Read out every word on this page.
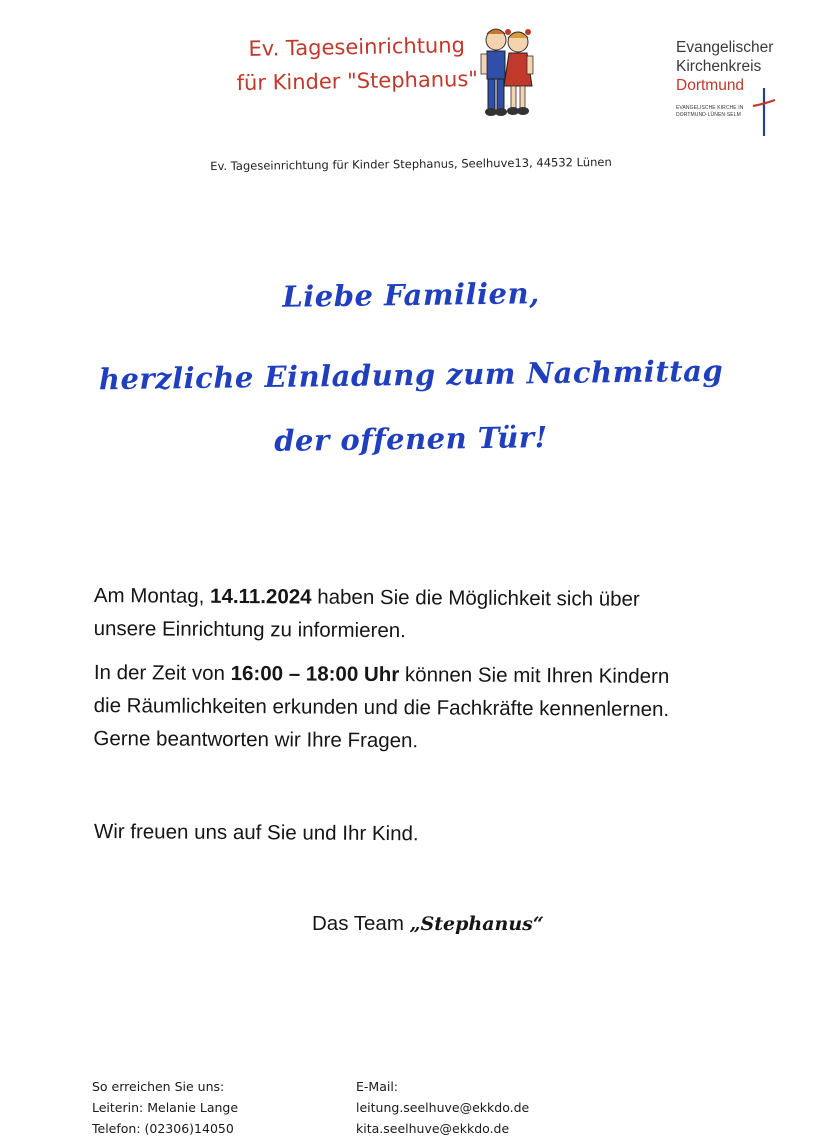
Ev. Tageseinrichtung
für Kinder "Stephanus"
Evangelischer
Kirchenkreis
Dortmund
EVANGELISCHE KIRCHE IN
DORTMUND·LÜNEN·SELM
Ev. Tageseinrichtung für Kinder Stephanus, Seelhuve13, 44532 Lünen
Liebe Familien,
herzliche Einladung zum Nachmittag
der offenen Tür!
Am Montag, 14.11.2024 haben Sie die Möglichkeit sich über
unsere Einrichtung zu informieren.
In der Zeit von 16:00 – 18:00 Uhr können Sie mit Ihren Kindern
die Räumlichkeiten erkunden und die Fachkräfte kennenlernen.
Gerne beantworten wir Ihre Fragen.
Wir freuen uns auf Sie und Ihr Kind.
Das Team „Stephanus“
So erreichen Sie uns:
Leiterin: Melanie Lange
Telefon: (02306)14050
E-Mail:
leitung.seelhuve@ekkdo.de
kita.seelhuve@ekkdo.de
